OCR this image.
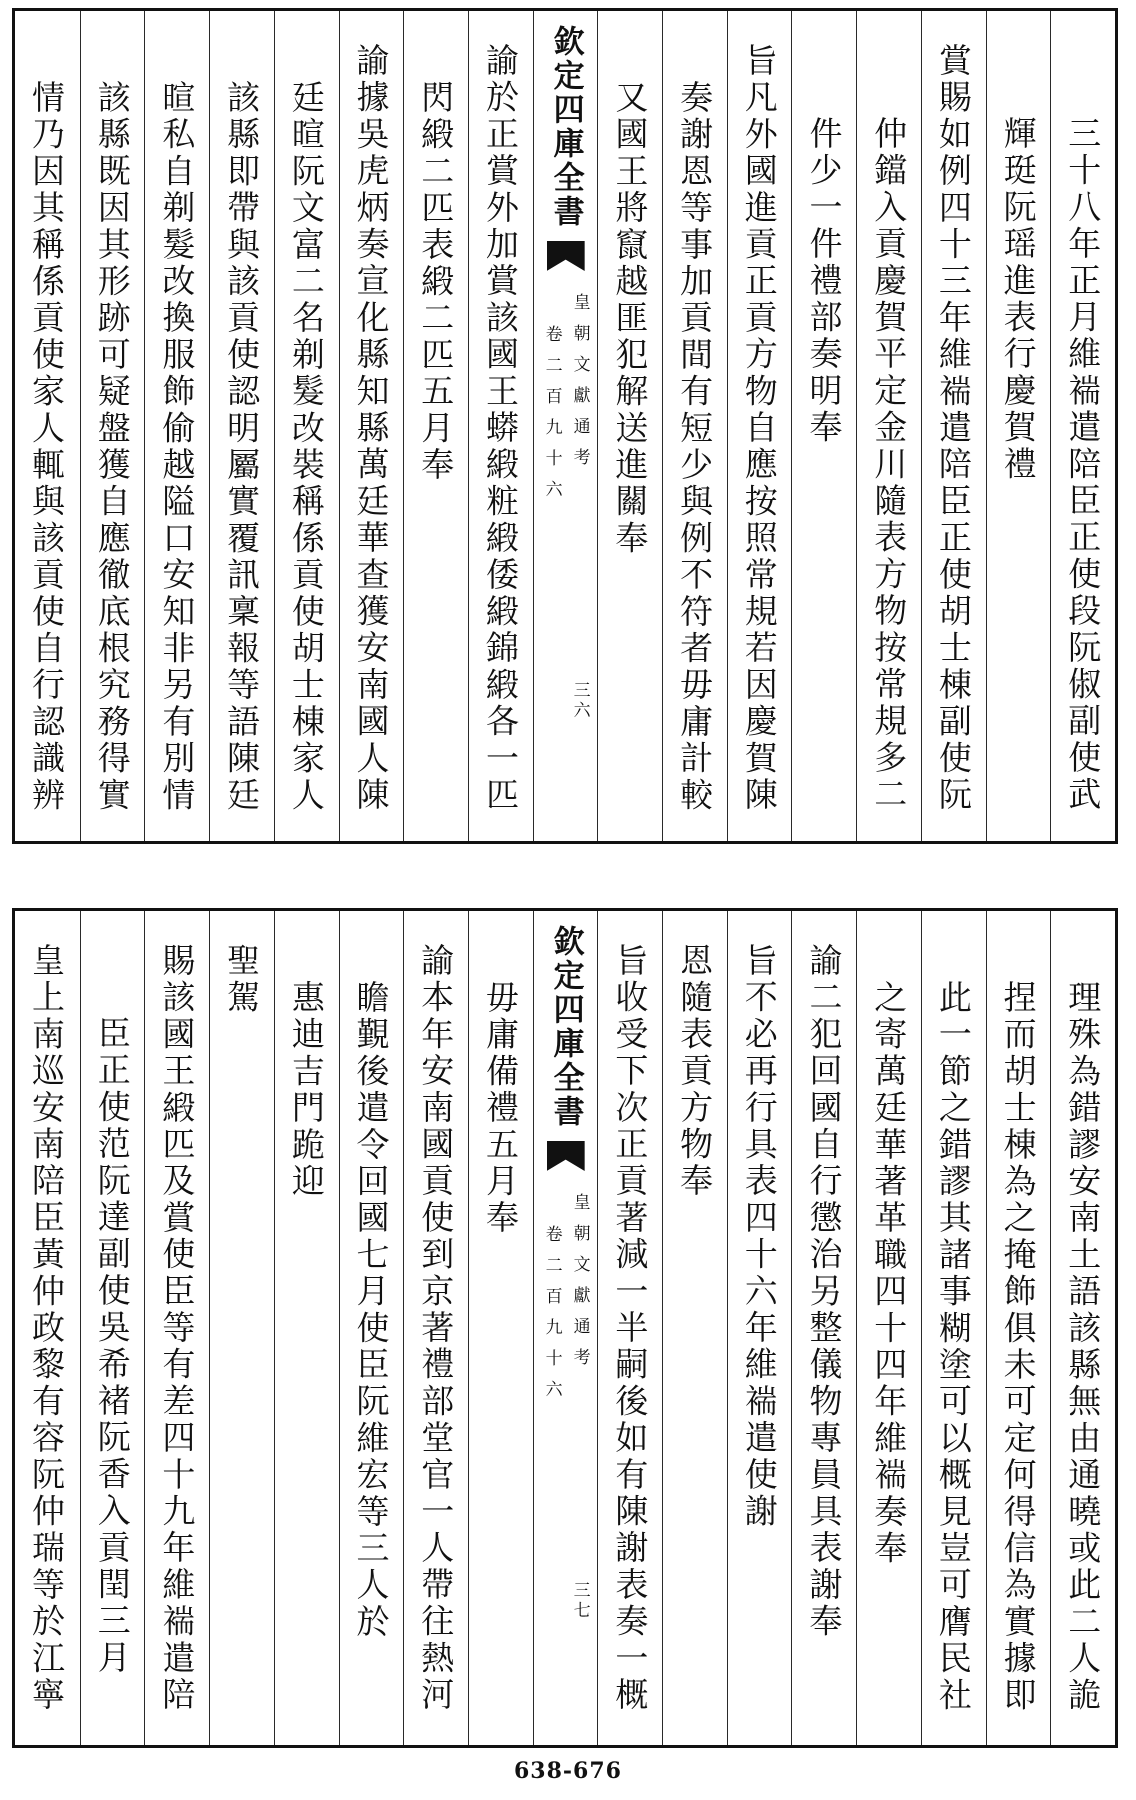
三十八年正月維褍遣陪臣正使段阮俶副使武
輝珽阮瑶進表行慶賀禮
賞賜如例四十三年維褍遣陪臣正使胡士棟副使阮
仲鐺入貢慶賀平定金川隨表方物按常規多二
件少一件禮部奏明奉
旨凡外國進貢正貢方物自應按照常規若因慶賀陳
奏謝恩等事加貢間有短少與例不符者毋庸計較
又國王將竄越匪犯解送進關奉
欽定四庫全書
皇朝文獻通考
卷二百九十六
三六
諭於正賞外加賞該國王蟒緞粧緞倭緞錦緞各一匹
閃緞二匹表緞二匹五月奉
諭據吳虎炳奏宣化縣知縣萬廷華查獲安南國人陳
廷暄阮文富二名剃髮改裝稱係貢使胡士棟家人
該縣即帶與該貢使認明屬實覆訊稟報等語陳廷
暄私自剃髮改換服飾偷越隘口安知非另有別情
該縣既因其形跡可疑盤獲自應徹底根究務得實
情乃因其稱係貢使家人輒與該貢使自行認識辨
理殊為錯謬安南土語該縣無由通曉或此二人詭
捏而胡士棟為之掩飾俱未可定何得信為實據即
此一節之錯謬其諸事糊塗可以概見豈可膺民社
之寄萬廷華著革職四十四年維褍奏奉
諭二犯回國自行懲治另整儀物專員具表謝奉
旨不必再行具表四十六年維褍遣使謝
恩隨表貢方物奉
旨收受下次正貢著減一半嗣後如有陳謝表奏一概
欽定四庫全書
皇朝文獻通考
卷二百九十六
三七
毋庸備禮五月奉
諭本年安南國貢使到京著禮部堂官一人帶往熱河
瞻覲後遣令回國七月使臣阮維宏等三人於
惠迪吉門跪迎
聖駕
賜該國王緞匹及賞使臣等有差四十九年維褍遣陪
臣正使范阮達副使吳希褚阮香入貢閏三月
皇上南巡安南陪臣黃仲政黎有容阮仲瑞等於江寧
638-676
